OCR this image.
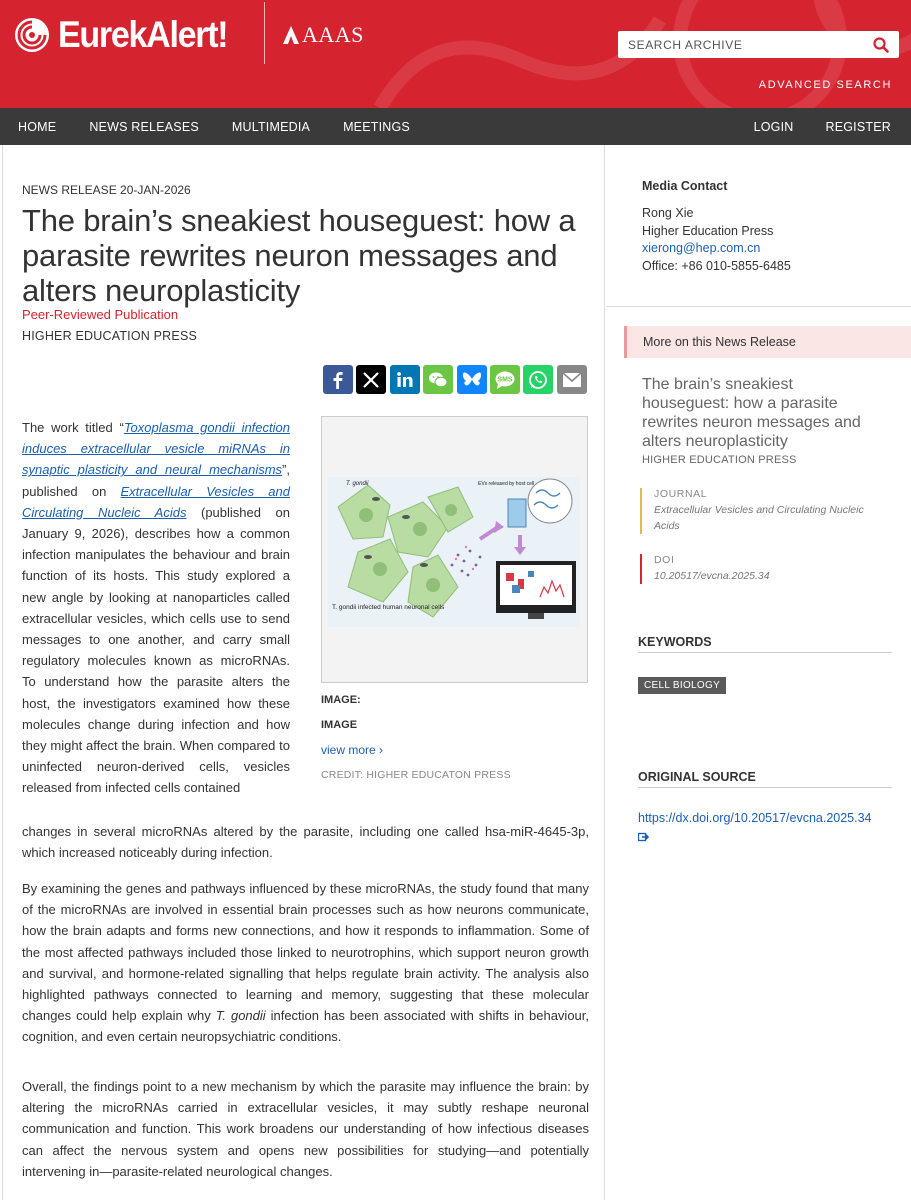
EurekAlert!	AAAS
SEARCH ARCHIVE
ADVANCED SEARCH
HOME	NEWS RELEASES	MULTIMEDIA	MEETINGS	LOGIN	REGISTER
NEWS RELEASE 20-JAN-2026
The brain’s sneakiest houseguest: how a parasite rewrites neuron messages and alters neuroplasticity
Peer-Reviewed Publication
HIGHER EDUCATION PRESS
SMS
T. gondii	EVs released by host cell
T. gondii infected human neuronal cells
IMAGE:
IMAGE
view more ›
CREDIT: HIGHER EDUCATON PRESS

The work titled “Toxoplasma gondii infection induces extracellular vesicle miRNAs in synaptic plasticity and neural mechanisms”, published on Extracellular Vesicles and Circulating Nucleic Acids (published on January 9, 2026), describes how a common infection manipulates the behaviour and brain function of its hosts. This study explored a new angle by looking at nanoparticles called extracellular vesicles, which cells use to send messages to one another, and carry small regulatory molecules known as microRNAs. To understand how the parasite alters the host, the investigators examined how these molecules change during infection and how they might affect the brain. When compared to uninfected neuron-derived cells, vesicles released from infected cells contained

changes in several microRNAs altered by the parasite, including one called hsa-miR-4645-3p, which increased noticeably during infection.

By examining the genes and pathways influenced by these microRNAs, the study found that many of the microRNAs are involved in essential brain processes such as how neurons communicate, how the brain adapts and forms new connections, and how it responds to inflammation. Some of the most affected pathways included those linked to neurotrophins, which support neuron growth and survival, and hormone-related signalling that helps regulate brain activity. The analysis also highlighted pathways connected to learning and memory, suggesting that these molecular changes could help explain why T. gondii infection has been associated with shifts in behaviour, cognition, and even certain neuropsychiatric conditions.

Overall, the findings point to a new mechanism by which the parasite may influence the brain: by altering the microRNAs carried in extracellular vesicles, it may subtly reshape neuronal communication and function. This work broadens our understanding of how infectious diseases can affect the nervous system and opens new possibilities for studying—and potentially intervening in—parasite-related neurological changes.

Media Contact
Rong Xie
Higher Education Press
xierong@hep.com.cn
Office: +86 010-5855-6485
More on this News Release
The brain’s sneakiest houseguest: how a parasite rewrites neuron messages and alters neuroplasticity
HIGHER EDUCATION PRESS
JOURNAL
Extracellular Vesicles and Circulating Nucleic Acids
DOI
10.20517/evcna.2025.34
KEYWORDS
CELL BIOLOGY
ORIGINAL SOURCE
https://dx.doi.org/10.20517/evcna.2025.34
